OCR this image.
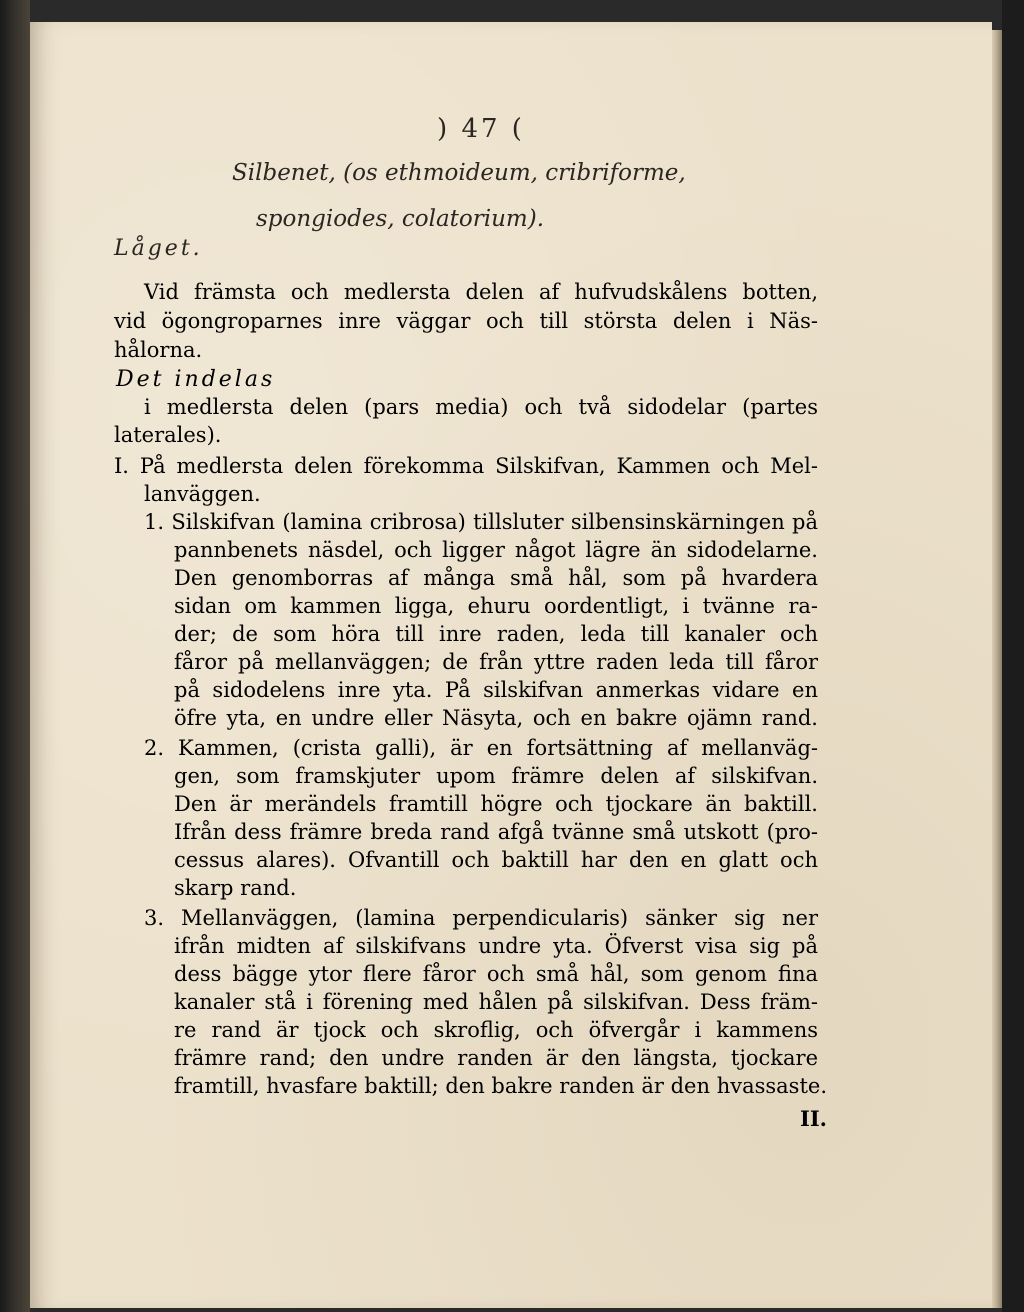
) 47 (
Silbenet, (os ethmoideum, cribriforme,
spongiodes, colatorium).
Låget.
Vid främsta och medlersta delen af hufvudskålens botten,
vid ögongroparnes inre väggar och till största delen i Näs-
hålorna.
Det indelas
i medlersta delen (pars media) och två sidodelar (partes
laterales).
I. På medlersta delen förekomma Silskifvan, Kammen och Mel-
lanväggen.
1. Silskifvan (lamina cribrosa) tillsluter silbensinskärningen på
pannbenets näsdel, och ligger något lägre än sidodelarne.
Den genomborras af många små hål, som på hvardera
sidan om kammen ligga, ehuru oordentligt, i tvänne ra-
der; de som höra till inre raden, leda till kanaler och
fåror på mellanväggen; de från yttre raden leda till fåror
på sidodelens inre yta. På silskifvan anmerkas vidare en
öfre yta, en undre eller Näsyta, och en bakre ojämn rand.
2. Kammen, (crista galli), är en fortsättning af mellanväg-
gen, som framskjuter upom främre delen af silskifvan.
Den är merändels framtill högre och tjockare än baktill.
Ifrån dess främre breda rand afgå tvänne små utskott (pro-
cessus alares). Ofvantill och baktill har den en glatt och
skarp rand.
3. Mellanväggen, (lamina perpendicularis) sänker sig ner
ifrån midten af silskifvans undre yta. Öfverst visa sig på
dess bägge ytor flere fåror och små hål, som genom fina
kanaler stå i förening med hålen på silskifvan. Dess främ-
re rand är tjock och skroflig, och öfvergår i kammens
främre rand; den undre randen är den längsta, tjockare
framtill, hvasfare baktill; den bakre randen är den hvassaste.
II.
